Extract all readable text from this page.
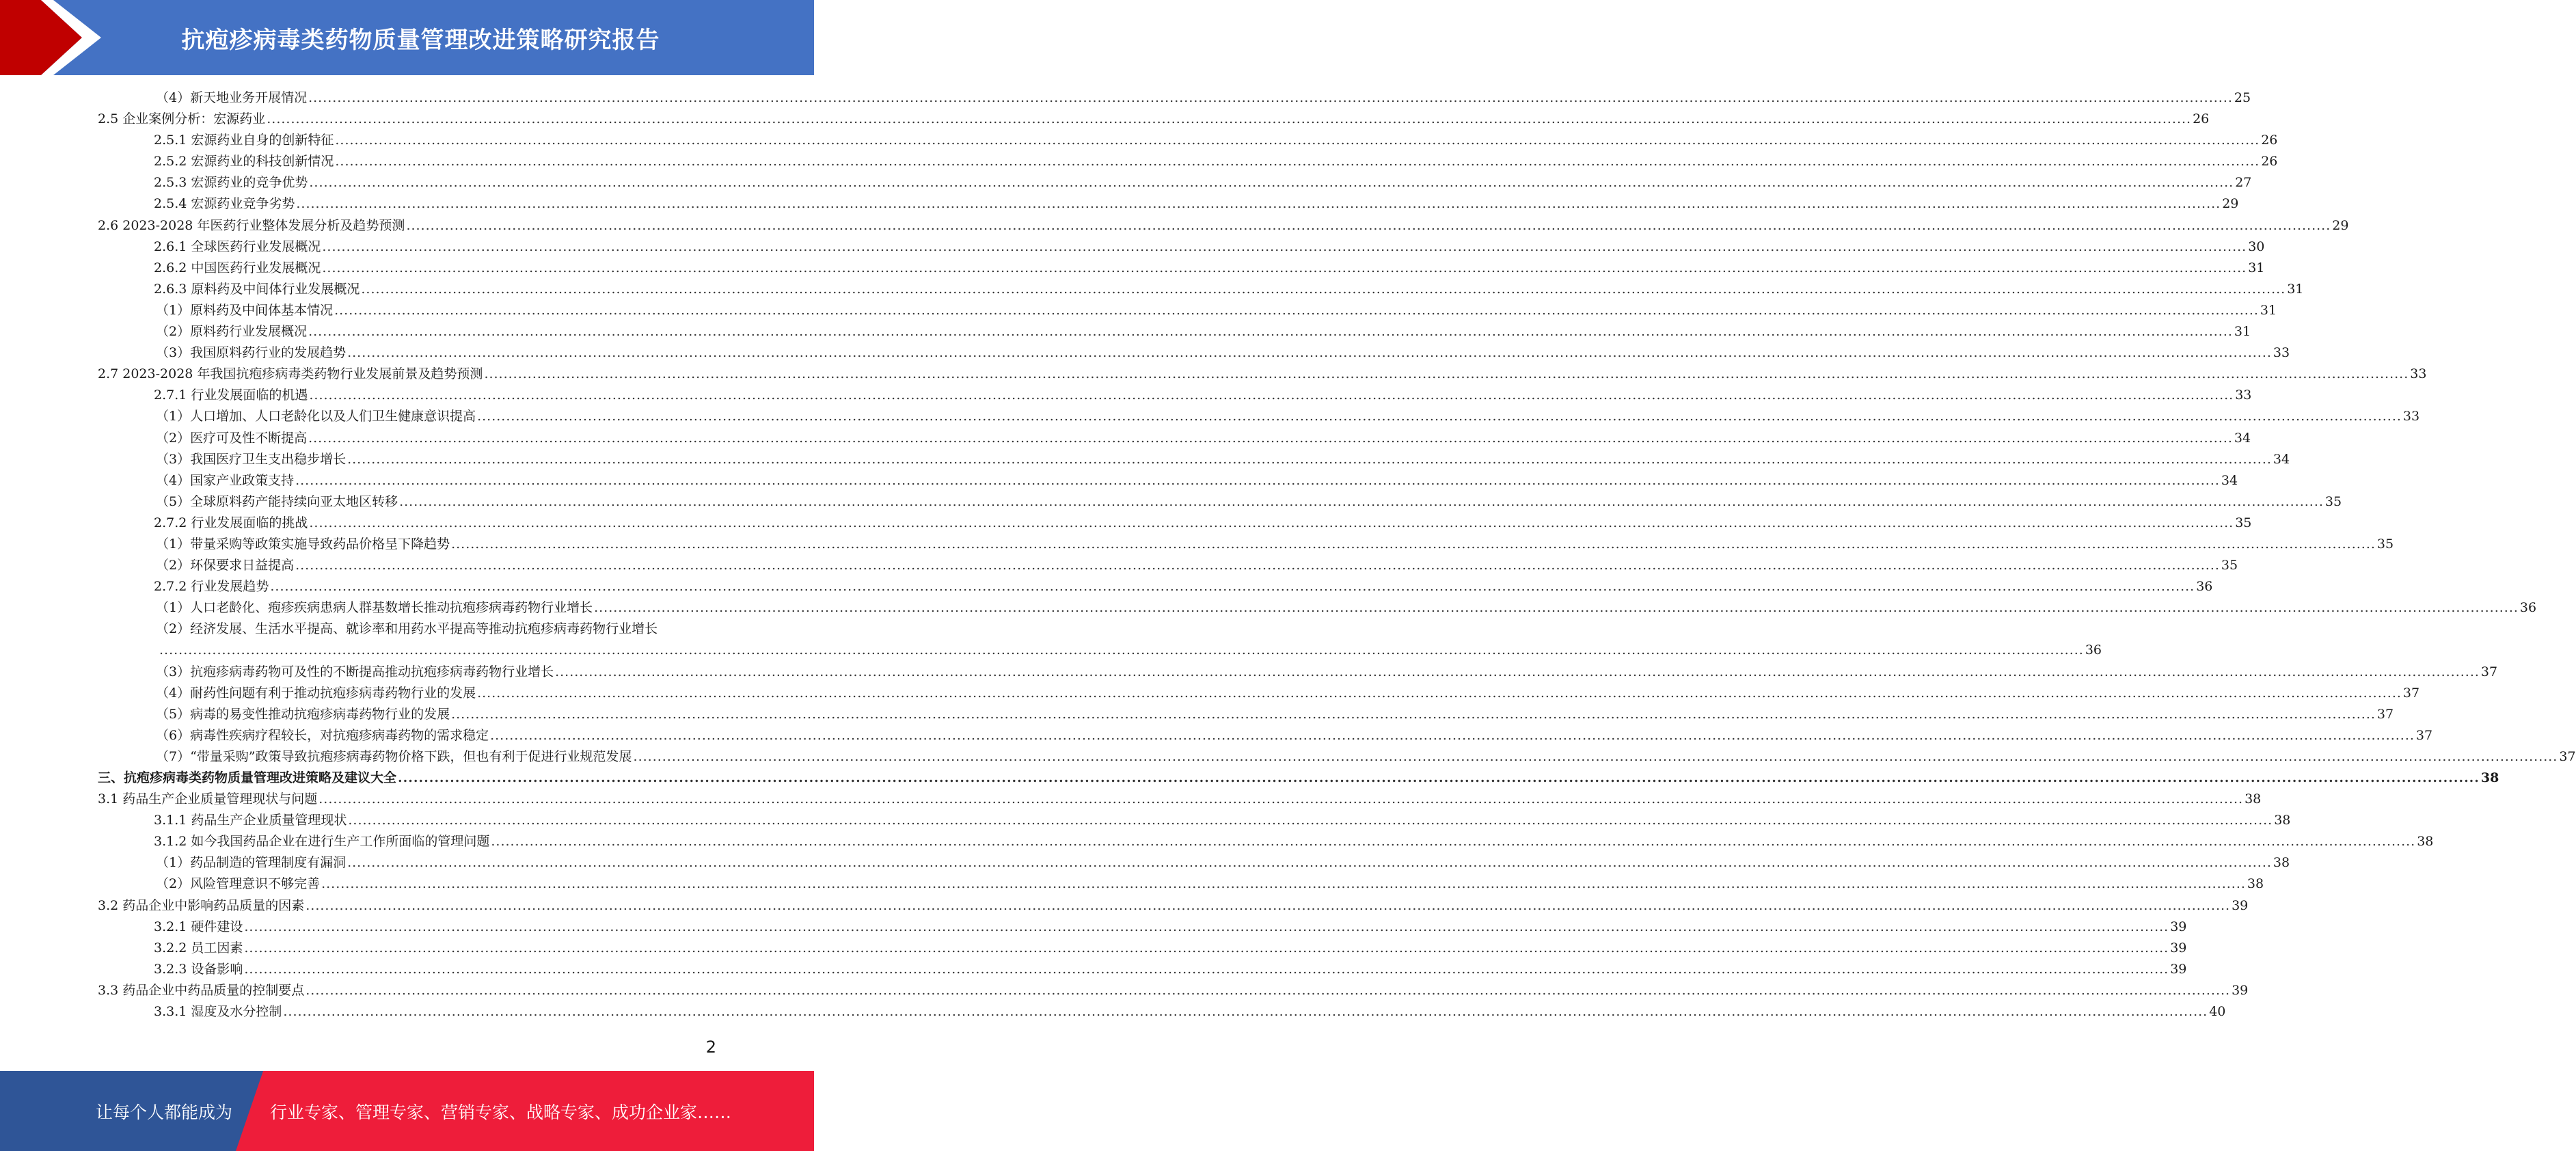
抗疱疹病毒类药物质量管理改进策略研究报告
（4）新天地业务开展情况 ................................................................................................................................................................................................................................................................................................................................................................................................................ 25
2.5 企业案例分析：宏源药业 ................................................................................................................................................................................................................................................................................................................................................................................................................ 26
2.5.1 宏源药业自身的创新特征 ................................................................................................................................................................................................................................................................................................................................................................................................................ 26
2.5.2 宏源药业的科技创新情况 ................................................................................................................................................................................................................................................................................................................................................................................................................ 26
2.5.3 宏源药业的竞争优势 ................................................................................................................................................................................................................................................................................................................................................................................................................ 27
2.5.4 宏源药业竞争劣势 ................................................................................................................................................................................................................................................................................................................................................................................................................ 29
2.6 2023-2028 年医药行业整体发展分析及趋势预测 ................................................................................................................................................................................................................................................................................................................................................................................................................ 29
2.6.1 全球医药行业发展概况 ................................................................................................................................................................................................................................................................................................................................................................................................................ 30
2.6.2 中国医药行业发展概况 ................................................................................................................................................................................................................................................................................................................................................................................................................ 31
2.6.3 原料药及中间体行业发展概况 ................................................................................................................................................................................................................................................................................................................................................................................................................ 31
（1）原料药及中间体基本情况 ................................................................................................................................................................................................................................................................................................................................................................................................................ 31
（2）原料药行业发展概况 ................................................................................................................................................................................................................................................................................................................................................................................................................ 31
（3）我国原料药行业的发展趋势 ................................................................................................................................................................................................................................................................................................................................................................................................................ 33
2.7 2023-2028 年我国抗疱疹病毒类药物行业发展前景及趋势预测 ................................................................................................................................................................................................................................................................................................................................................................................................................ 33
2.7.1 行业发展面临的机遇 ................................................................................................................................................................................................................................................................................................................................................................................................................ 33
（1）人口增加、人口老龄化以及人们卫生健康意识提高 ................................................................................................................................................................................................................................................................................................................................................................................................................ 33
（2）医疗可及性不断提高 ................................................................................................................................................................................................................................................................................................................................................................................................................ 34
（3）我国医疗卫生支出稳步增长 ................................................................................................................................................................................................................................................................................................................................................................................................................ 34
（4）国家产业政策支持 ................................................................................................................................................................................................................................................................................................................................................................................................................ 34
（5）全球原料药产能持续向亚太地区转移 ................................................................................................................................................................................................................................................................................................................................................................................................................ 35
2.7.2 行业发展面临的挑战 ................................................................................................................................................................................................................................................................................................................................................................................................................ 35
（1）带量采购等政策实施导致药品价格呈下降趋势 ................................................................................................................................................................................................................................................................................................................................................................................................................ 35
（2）环保要求日益提高 ................................................................................................................................................................................................................................................................................................................................................................................................................ 35
2.7.2 行业发展趋势 ................................................................................................................................................................................................................................................................................................................................................................................................................ 36
（1）人口老龄化、疱疹疾病患病人群基数增长推动抗疱疹病毒药物行业增长 ................................................................................................................................................................................................................................................................................................................................................................................................................ 36
（2）经济发展、生活水平提高、就诊率和用药水平提高等推动抗疱疹病毒药物行业增长
................................................................................................................................................................................................................................................................................................................................................................................................................ 36
（3）抗疱疹病毒药物可及性的不断提高推动抗疱疹病毒药物行业增长 ................................................................................................................................................................................................................................................................................................................................................................................................................ 37
（4）耐药性问题有利于推动抗疱疹病毒药物行业的发展 ................................................................................................................................................................................................................................................................................................................................................................................................................ 37
（5）病毒的易变性推动抗疱疹病毒药物行业的发展 ................................................................................................................................................................................................................................................................................................................................................................................................................ 37
（6）病毒性疾病疗程较长，对抗疱疹病毒药物的需求稳定 ................................................................................................................................................................................................................................................................................................................................................................................................................ 37
（7）“带量采购”政策导致抗疱疹病毒药物价格下跌，但也有利于促进行业规范发展 ................................................................................................................................................................................................................................................................................................................................................................................................................ 37
三、抗疱疹病毒类药物质量管理改进策略及建议大全 ................................................................................................................................................................................................................................................................................................................................................................................................................ 38
3.1 药品生产企业质量管理现状与问题 ................................................................................................................................................................................................................................................................................................................................................................................................................ 38
3.1.1 药品生产企业质量管理现状 ................................................................................................................................................................................................................................................................................................................................................................................................................ 38
3.1.2 如今我国药品企业在进行生产工作所面临的管理问题 ................................................................................................................................................................................................................................................................................................................................................................................................................ 38
（1）药品制造的管理制度有漏洞 ................................................................................................................................................................................................................................................................................................................................................................................................................ 38
（2）风险管理意识不够完善 ................................................................................................................................................................................................................................................................................................................................................................................................................ 38
3.2 药品企业中影响药品质量的因素 ................................................................................................................................................................................................................................................................................................................................................................................................................ 39
3.2.1 硬件建设 ................................................................................................................................................................................................................................................................................................................................................................................................................ 39
3.2.2 员工因素 ................................................................................................................................................................................................................................................................................................................................................................................................................ 39
3.2.3 设备影响 ................................................................................................................................................................................................................................................................................................................................................................................................................ 39
3.3 药品企业中药品质量的控制要点 ................................................................................................................................................................................................................................................................................................................................................................................................................ 39
3.3.1 湿度及水分控制 ................................................................................................................................................................................................................................................................................................................................................................................................................ 40
2
让每个人都能成为 行业专家、管理专家、营销专家、战略专家、成功企业家……
